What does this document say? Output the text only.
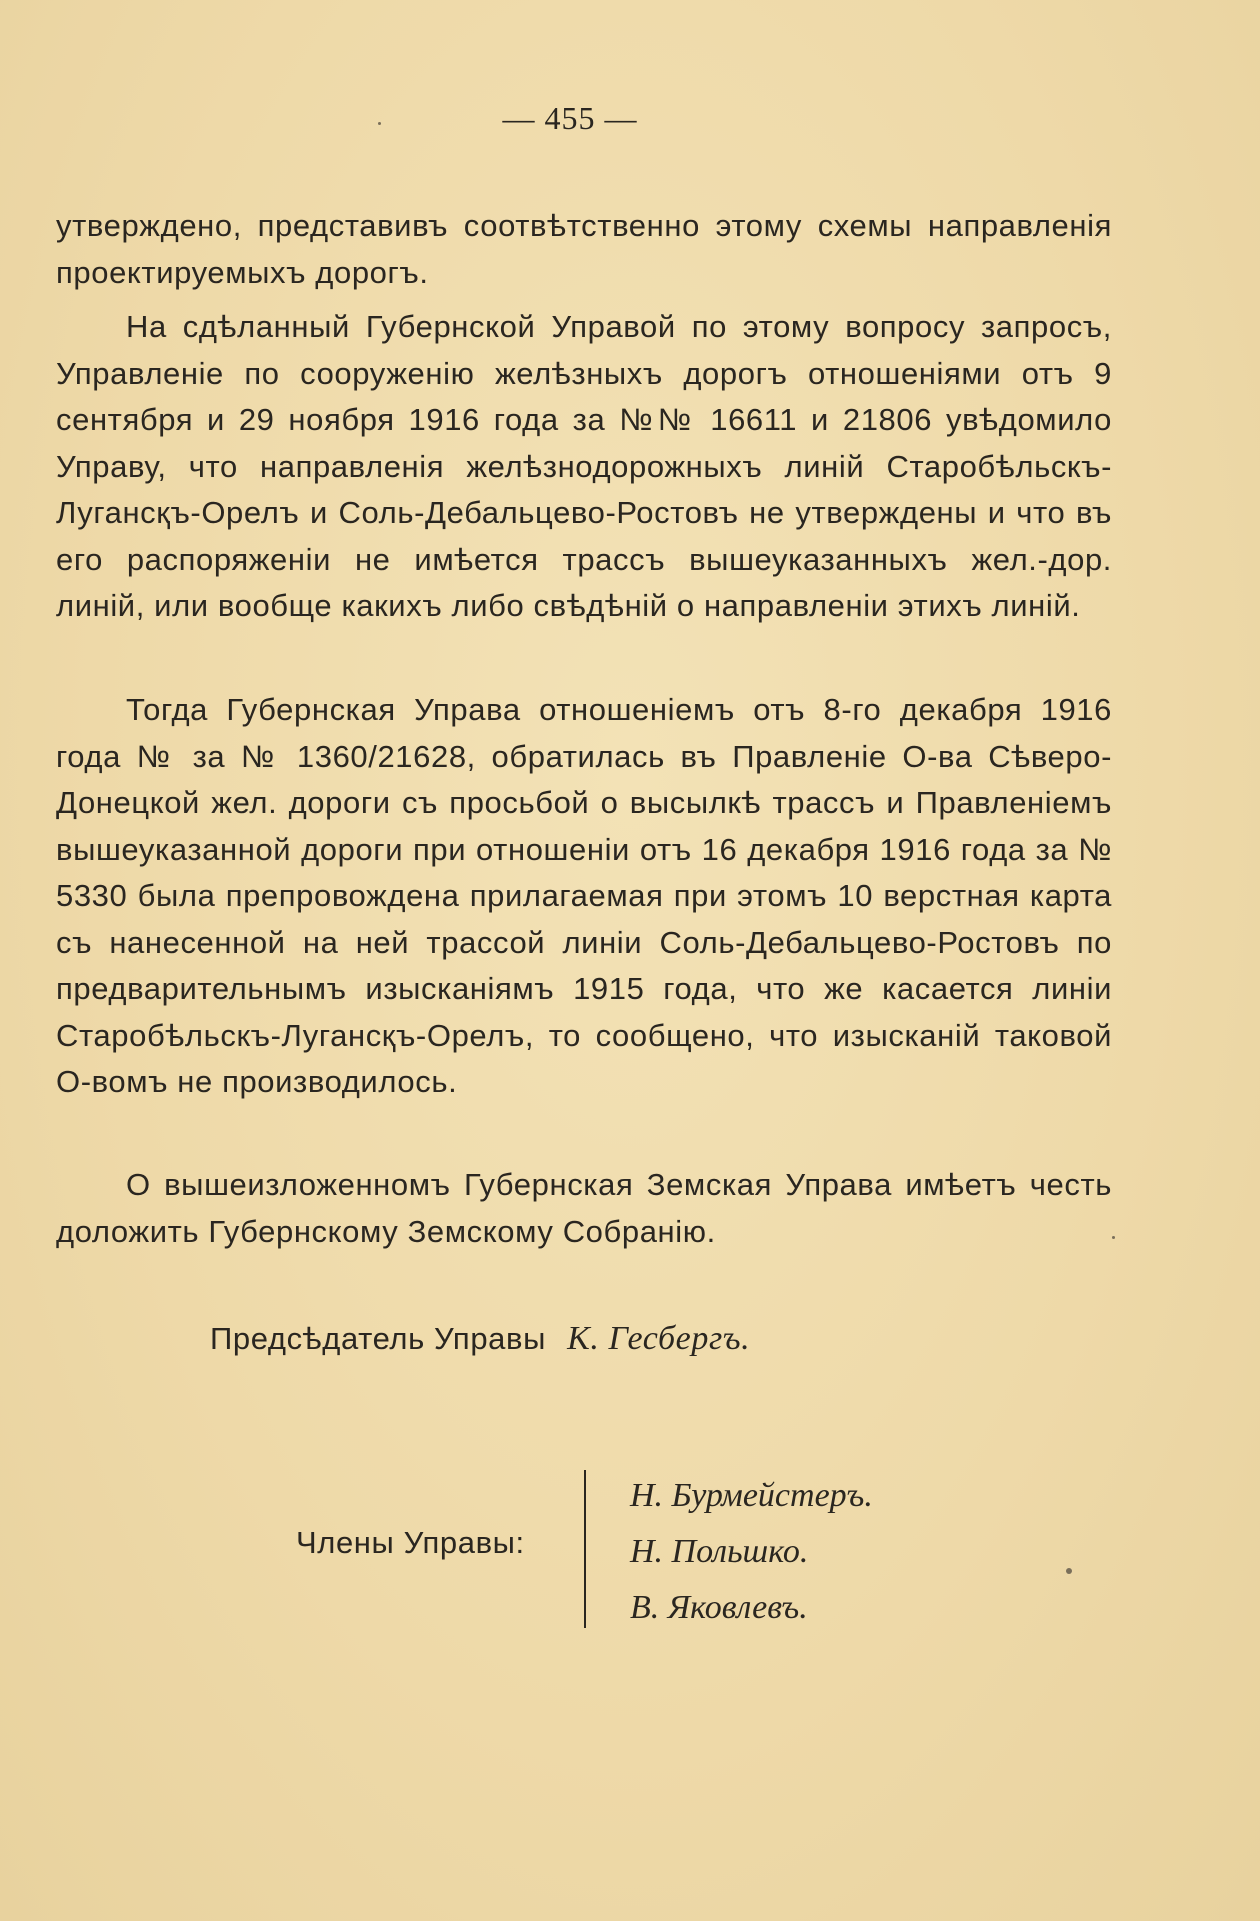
— 455 —

утверждено, представивъ соотвѣтственно этому схемы направленія проектируемыхъ дорогъ.

На сдѣланный Губернской Управой по этому вопросу запросъ, Управленіе по сооруженію желѣзныхъ дорогъ отношеніями отъ 9 сентября и 29 ноября 1916 года за №№ 16611 и 21806 увѣдомило Управу, что направленія желѣзнодорожныхъ линій Старобѣльскъ-Лугансқъ-Орелъ и Соль-Дебальцево-Ростовъ не утверждены и что въ его распоряженіи не имѣется трассъ вышеуказанныхъ жел.-дор. линій, или вообще какихъ либо свѣдѣній о направленіи этихъ линій.

Тогда Губернская Управа отношеніемъ отъ 8-го декабря 1916 года № за № 1360/21628, обратилась въ Правленіе О-ва Сѣверо-Донецкой жел. дороги съ просьбой о высылкѣ трассъ и Правленіемъ вышеуказанной дороги при отношеніи отъ 16 декабря 1916 года за № 5330 была препровождена прилагаемая при этомъ 10 верстная карта съ нанесенной на ней трассой линіи Соль-Дебальцево-Ростовъ по предварительнымъ изысканіямъ 1915 года, что же касается линіи Старобѣльскъ-Лугансқъ-Орелъ, то сообщено, что изысканій таковой О-вомъ не производилось.

О вышеизложенномъ Губернская Земская Управа имѣетъ честь доложить Губернскому Земскому Собранію.

Предсѣдатель Управы К. Гесбергъ.
Члены Управы:
Н. Бурмейстеръ.
Н. Польшко.
В. Яковлевъ.
